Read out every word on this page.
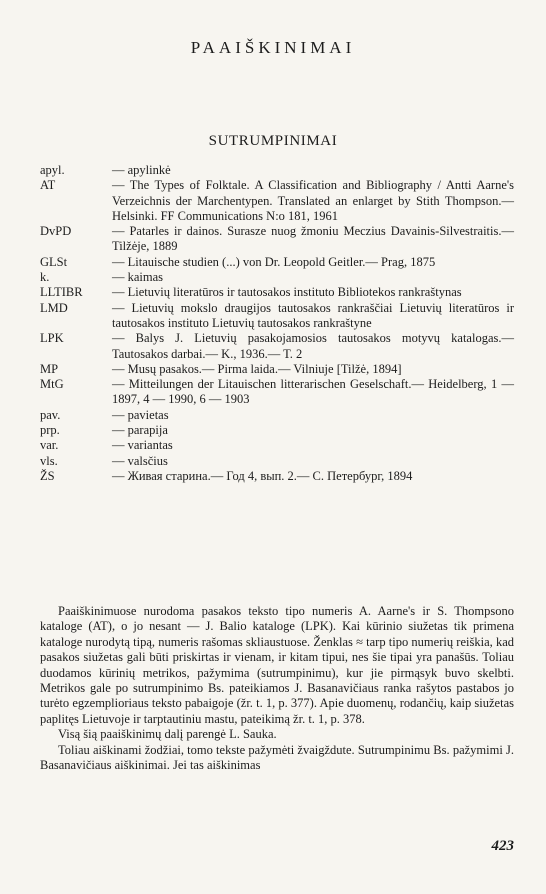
PAAIŠKINIMAI
SUTRUMPINIMAI
apyl.	— apylinkė
AT	— The Types of Folktale. A Classification and Bibliography / Antti Aarne's Verzeichnis der Marchentypen. Translated an enlarget by Stith Thompson.— Helsinki. FF Communications N:o 181, 1961
DvPD	— Patarles ir dainos. Surasze nuog žmoniu Meczius Davainis-Silvestraitis.— Tilžėje, 1889
GLSt	— Litauische studien (...) von Dr. Leopold Geitler.— Prag, 1875
k.	— kaimas
LLTIBR	— Lietuvių literatūros ir tautosakos instituto Bibliotekos rankraštynas
LMD	— Lietuvių mokslo draugijos tautosakos rankraščiai Lietuvių literatūros ir tautosakos instituto Lietuvių tautosakos rankraštyne
LPK	— Balys J. Lietuvių pasakojamosios tautosakos motyvų katalogas.— Tautosakos darbai.— K., 1936.— T. 2
MP	— Musų pasakos.— Pirma laida.— Vilniuje [Tilžė, 1894]
MtG	— Mitteilungen der Litauischen litterarischen Geselschaft.— Heidelberg, 1 — 1897, 4 — 1990, 6 — 1903
pav.	— pavietas
prp.	— parapija
var.	— variantas
vls.	— valsčius
ŽS	— Живая старина.— Год 4, вып. 2.— С. Петербург, 1894

Paaiškinimuose nurodoma pasakos teksto tipo numeris A. Aarne's ir S. Thompsono kataloge (AT), o jo nesant — J. Balio kataloge (LPK). Kai kūrinio siužetas tik primena kataloge nurodytą tipą, numeris rašomas skliaustuose. Ženklas ≈ tarp tipo numerių reiškia, kad pasakos siužetas gali būti priskirtas ir vienam, ir kitam tipui, nes šie tipai yra panašūs. Toliau duodamos kūrinių metrikos, pažymima (sutrumpinimu), kur jie pirmąsyk buvo skelbti. Metrikos gale po sutrumpinimo Bs. pateikiamos J. Basanavičiaus ranka rašytos pastabos jo turėto egzemplioriaus teksto pabaigoje (žr. t. 1, p. 377). Apie duomenų, rodančių, kaip siužetas paplitęs Lietuvoje ir tarptautiniu mastu, pateikimą žr. t. 1, p. 378.

Visą šią paaiškinimų dalį parengė L. Sauka.

Toliau aiškinami žodžiai, tomo tekste pažymėti žvaigždute. Sutrumpinimu Bs. pažymimi J. Basanavičiaus aiškinimai. Jei tas aiškinimas

423
